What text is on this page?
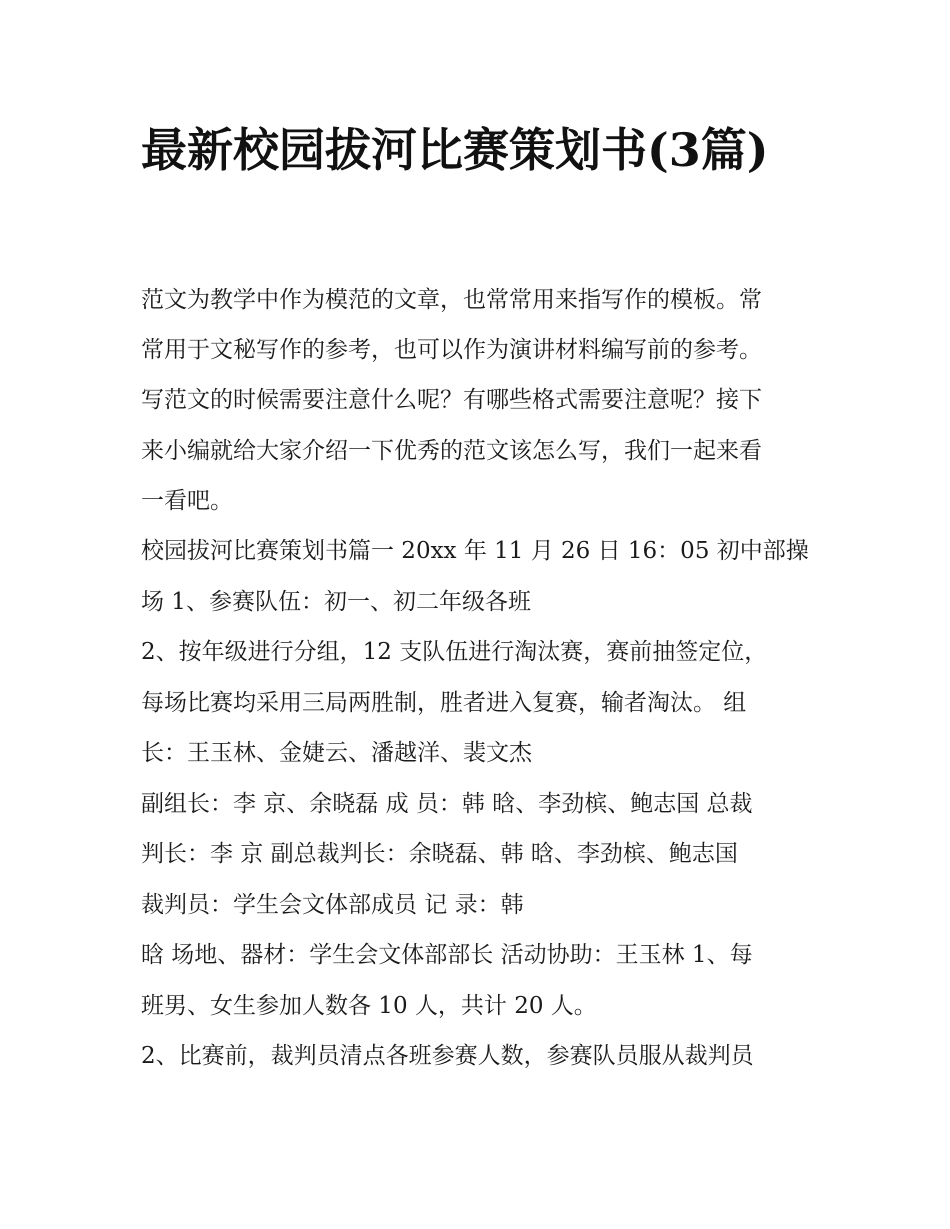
最新校园拔河比赛策划书(3篇)

范文为教学中作为模范的文章，也常常用来指写作的模板。常

常用于文秘写作的参考，也可以作为演讲材料编写前的参考。

写范文的时候需要注意什么呢？有哪些格式需要注意呢？接下

来小编就给大家介绍一下优秀的范文该怎么写，我们一起来看

一看吧。

校园拔河比赛策划书篇一 20xx 年 11 月 26 日 16：05 初中部操

场 1、参赛队伍：初一、初二年级各班

2、按年级进行分组，12 支队伍进行淘汰赛，赛前抽签定位，

每场比赛均采用三局两胜制，胜者进入复赛，输者淘汰。 组

长：王玉林、金婕云、潘越洋、裴文杰

副组长：李 京、余晓磊 成 员：韩 晗、李劲槟、鲍志国 总裁

判长：李 京 副总裁判长：余晓磊、韩 晗、李劲槟、鲍志国

裁判员：学生会文体部成员 记 录：韩

晗 场地、器材：学生会文体部部长 活动协助：王玉林 1、每

班男、女生参加人数各 10 人，共计 20 人。

2、比赛前，裁判员清点各班参赛人数，参赛队员服从裁判员
